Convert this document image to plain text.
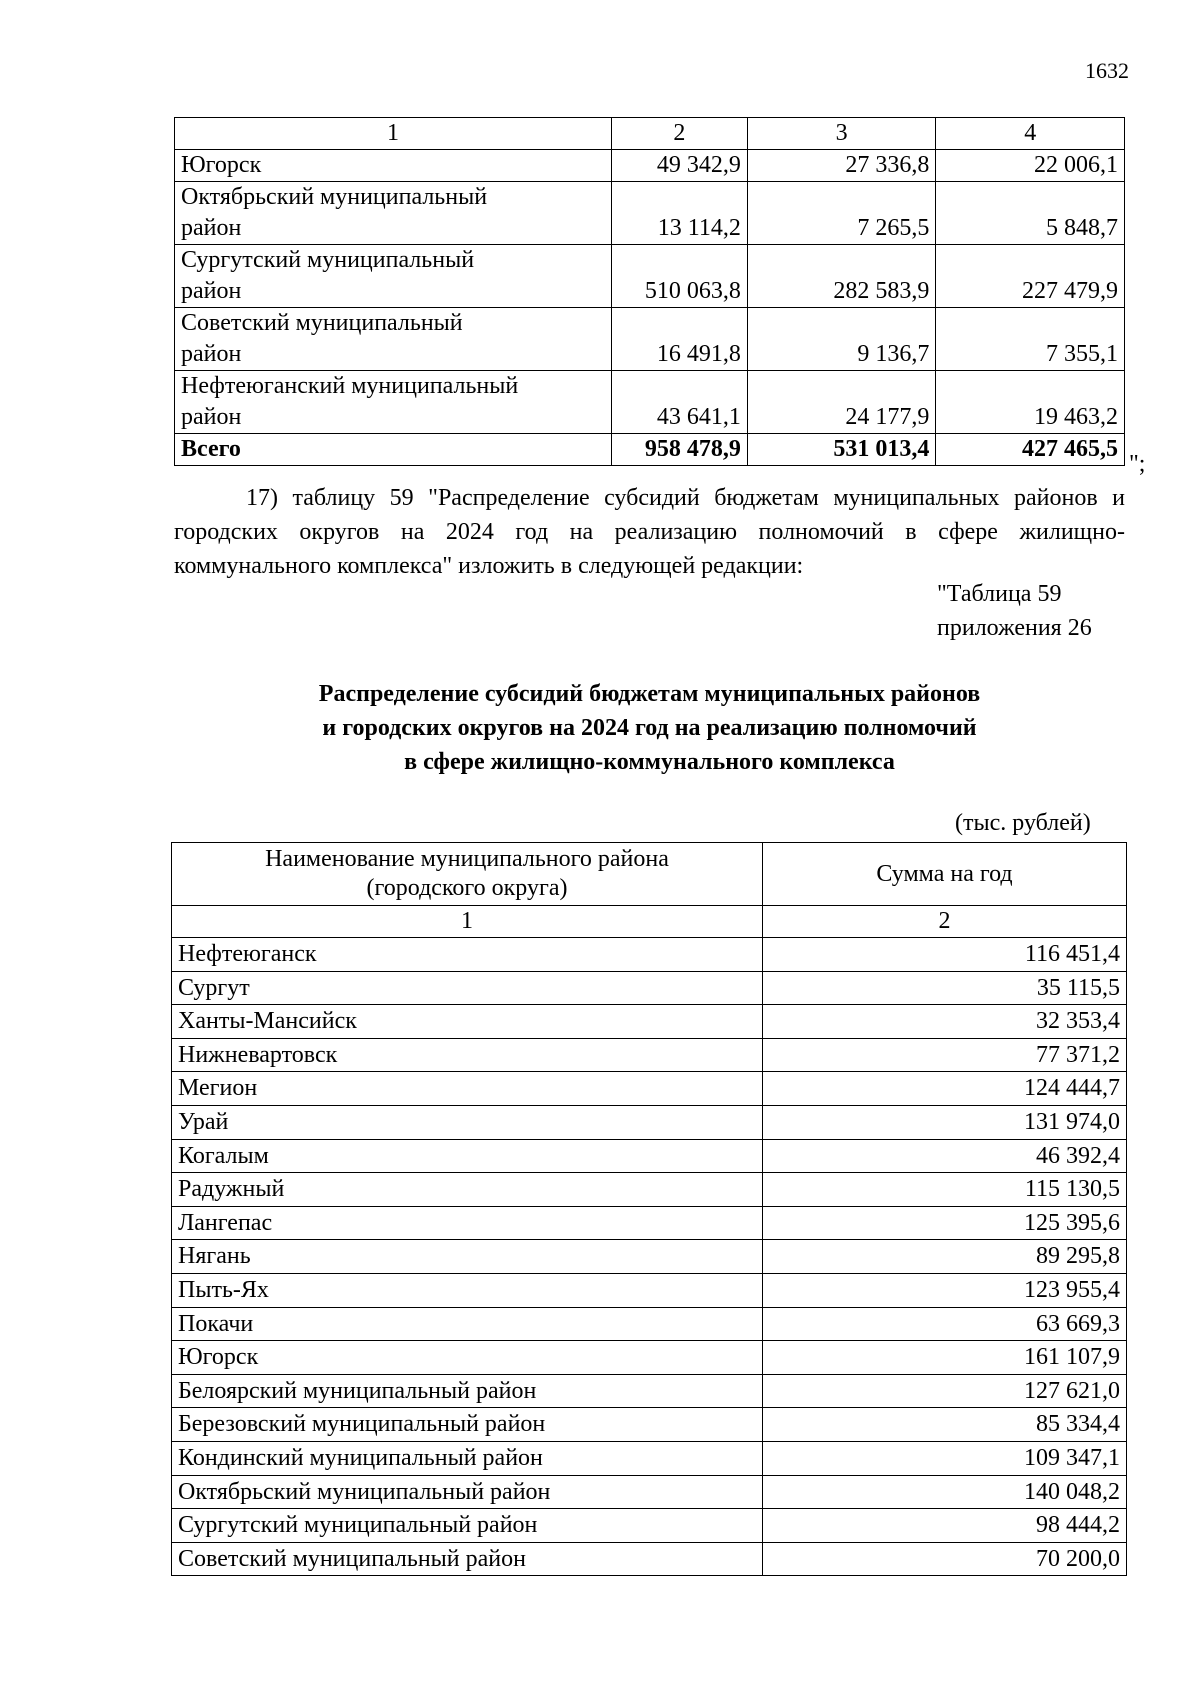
1632
1	2	3	4
Югорск	49 342,9	27 336,8	22 006,1
Октябрьский муниципальный
район	13 114,2	7 265,5	5 848,7
Сургутский муниципальный
район	510 063,8	282 583,9	227 479,9
Советский муниципальный
район	16 491,8	9 136,7	7 355,1
Нефтеюганский муниципальный
район	43 641,1	24 177,9	19 463,2
Всего	958 478,9	531 013,4	427 465,5
";
17) таблицу 59 "Распределение субсидий бюджетам муниципальных районов и городских округов на 2024 год на реализацию полномочий в сфере жилищно-коммунального комплекса" изложить в следующей редакции:
"Таблица 59
приложения 26
Распределение субсидий бюджетам муниципальных районов
и городских округов на 2024 год на реализацию полномочий
в сфере жилищно-коммунального комплекса
(тыс. рублей)
Наименование муниципального района
(городского округа)	Сумма на год
1	2
Нефтеюганск	116 451,4
Сургут	35 115,5
Ханты-Мансийск	32 353,4
Нижневартовск	77 371,2
Мегион	124 444,7
Урай	131 974,0
Когалым	46 392,4
Радужный	115 130,5
Лангепас	125 395,6
Нягань	89 295,8
Пыть-Ях	123 955,4
Покачи	63 669,3
Югорск	161 107,9
Белоярский муниципальный район	127 621,0
Березовский муниципальный район	85 334,4
Кондинский муниципальный район	109 347,1
Октябрьский муниципальный район	140 048,2
Сургутский муниципальный район	98 444,2
Советский муниципальный район	70 200,0
